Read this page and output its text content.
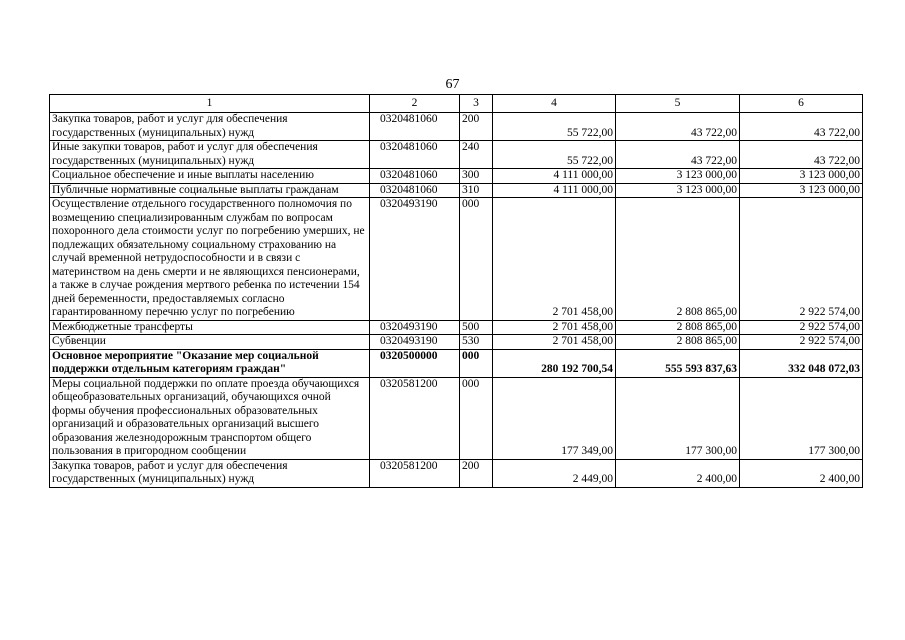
67
1	2	3	4	5	6
Закупка товаров, работ и услуг для обеспечения государственных (муниципальных) нужд	0320481060	200	55 722,00	43 722,00	43 722,00
Иные закупки товаров, работ и услуг для обеспечения государственных (муниципальных) нужд	0320481060	240	55 722,00	43 722,00	43 722,00
Социальное обеспечение и иные выплаты населению	0320481060	300	4 111 000,00	3 123 000,00	3 123 000,00
Публичные нормативные социальные выплаты гражданам	0320481060	310	4 111 000,00	3 123 000,00	3 123 000,00
Осуществление отдельного государственного полномочия по возмещению специализированным службам по вопросам похоронного дела стоимости услуг по погребению умерших, не подлежащих обязательному социальному страхованию на случай временной нетрудоспособности и в связи с материнством на день смерти и не являющихся пенсионерами, а также в случае рождения мертвого ребенка по истечении 154 дней беременности, предоставляемых согласно гарантированному перечню услуг по погребению	0320493190	000	2 701 458,00	2 808 865,00	2 922 574,00
Межбюджетные трансферты	0320493190	500	2 701 458,00	2 808 865,00	2 922 574,00
Субвенции	0320493190	530	2 701 458,00	2 808 865,00	2 922 574,00
Основное мероприятие "Оказание мер социальной поддержки отдельным категориям граждан"	0320500000	000	280 192 700,54	555 593 837,63	332 048 072,03
Меры социальной поддержки по оплате проезда обучающихся общеобразовательных организаций, обучающихся очной формы обучения профессиональных образовательных организаций и образовательных организаций высшего образования железнодорожным транспортом общего пользования в пригородном сообщении	0320581200	000	177 349,00	177 300,00	177 300,00
Закупка товаров, работ и услуг для обеспечения государственных (муниципальных) нужд	0320581200	200	2 449,00	2 400,00	2 400,00
